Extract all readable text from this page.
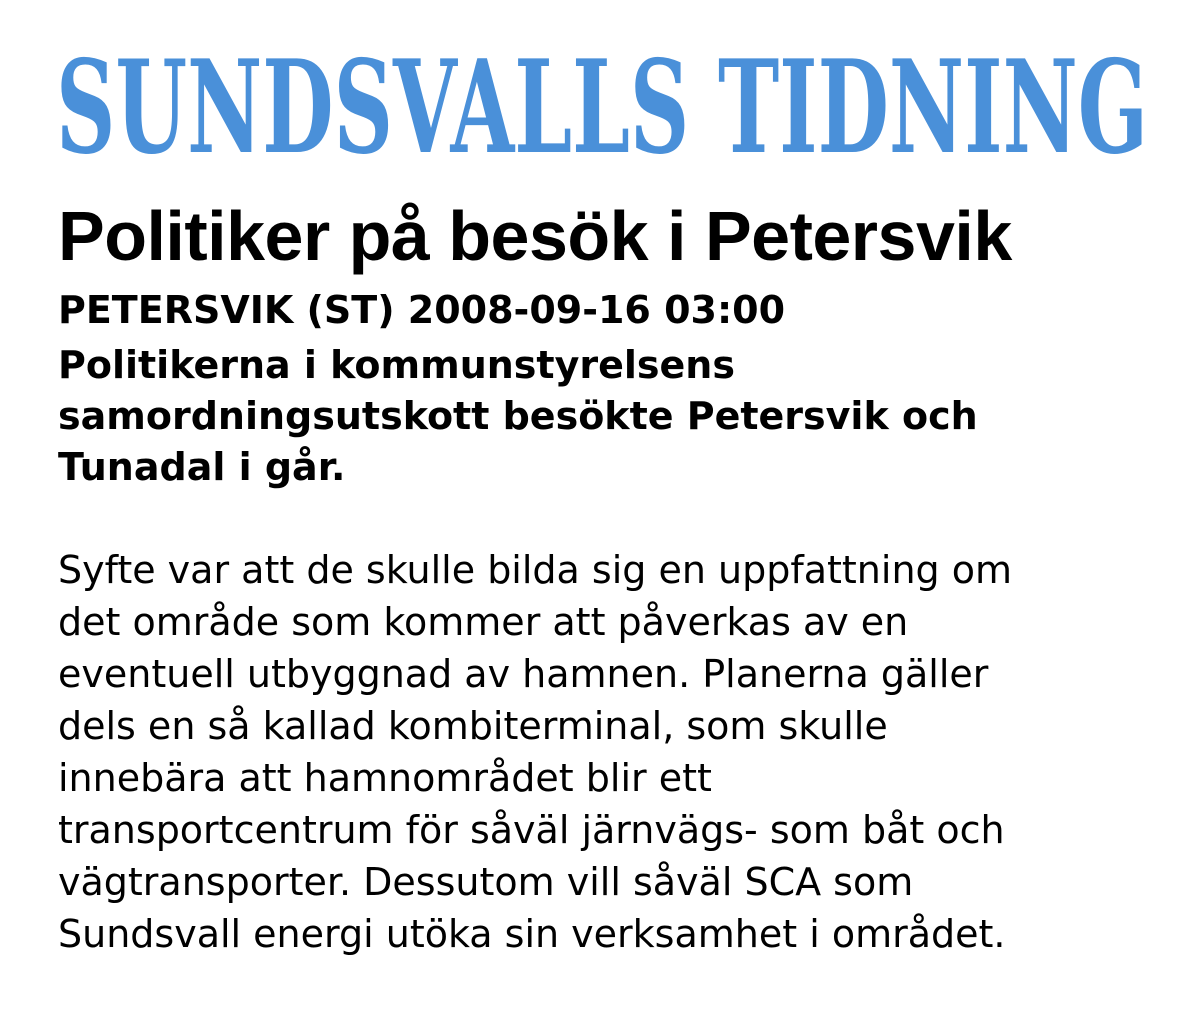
SUNDSVALLS TIDNING
Politiker på besök i Petersvik
PETERSVIK (ST) 2008-09-16 03:00

Politikerna i kommunstyrelsens
samordningsutskott besökte Petersvik och
Tunadal i går.

Syfte var att de skulle bilda sig en uppfattning om
det område som kommer att påverkas av en
eventuell utbyggnad av hamnen. Planerna gäller
dels en så kallad kombiterminal, som skulle
innebära att hamnområdet blir ett
transportcentrum för såväl järnvägs- som båt och
vägtransporter. Dessutom vill såväl SCA som
Sundsvall energi utöka sin verksamhet i området.
